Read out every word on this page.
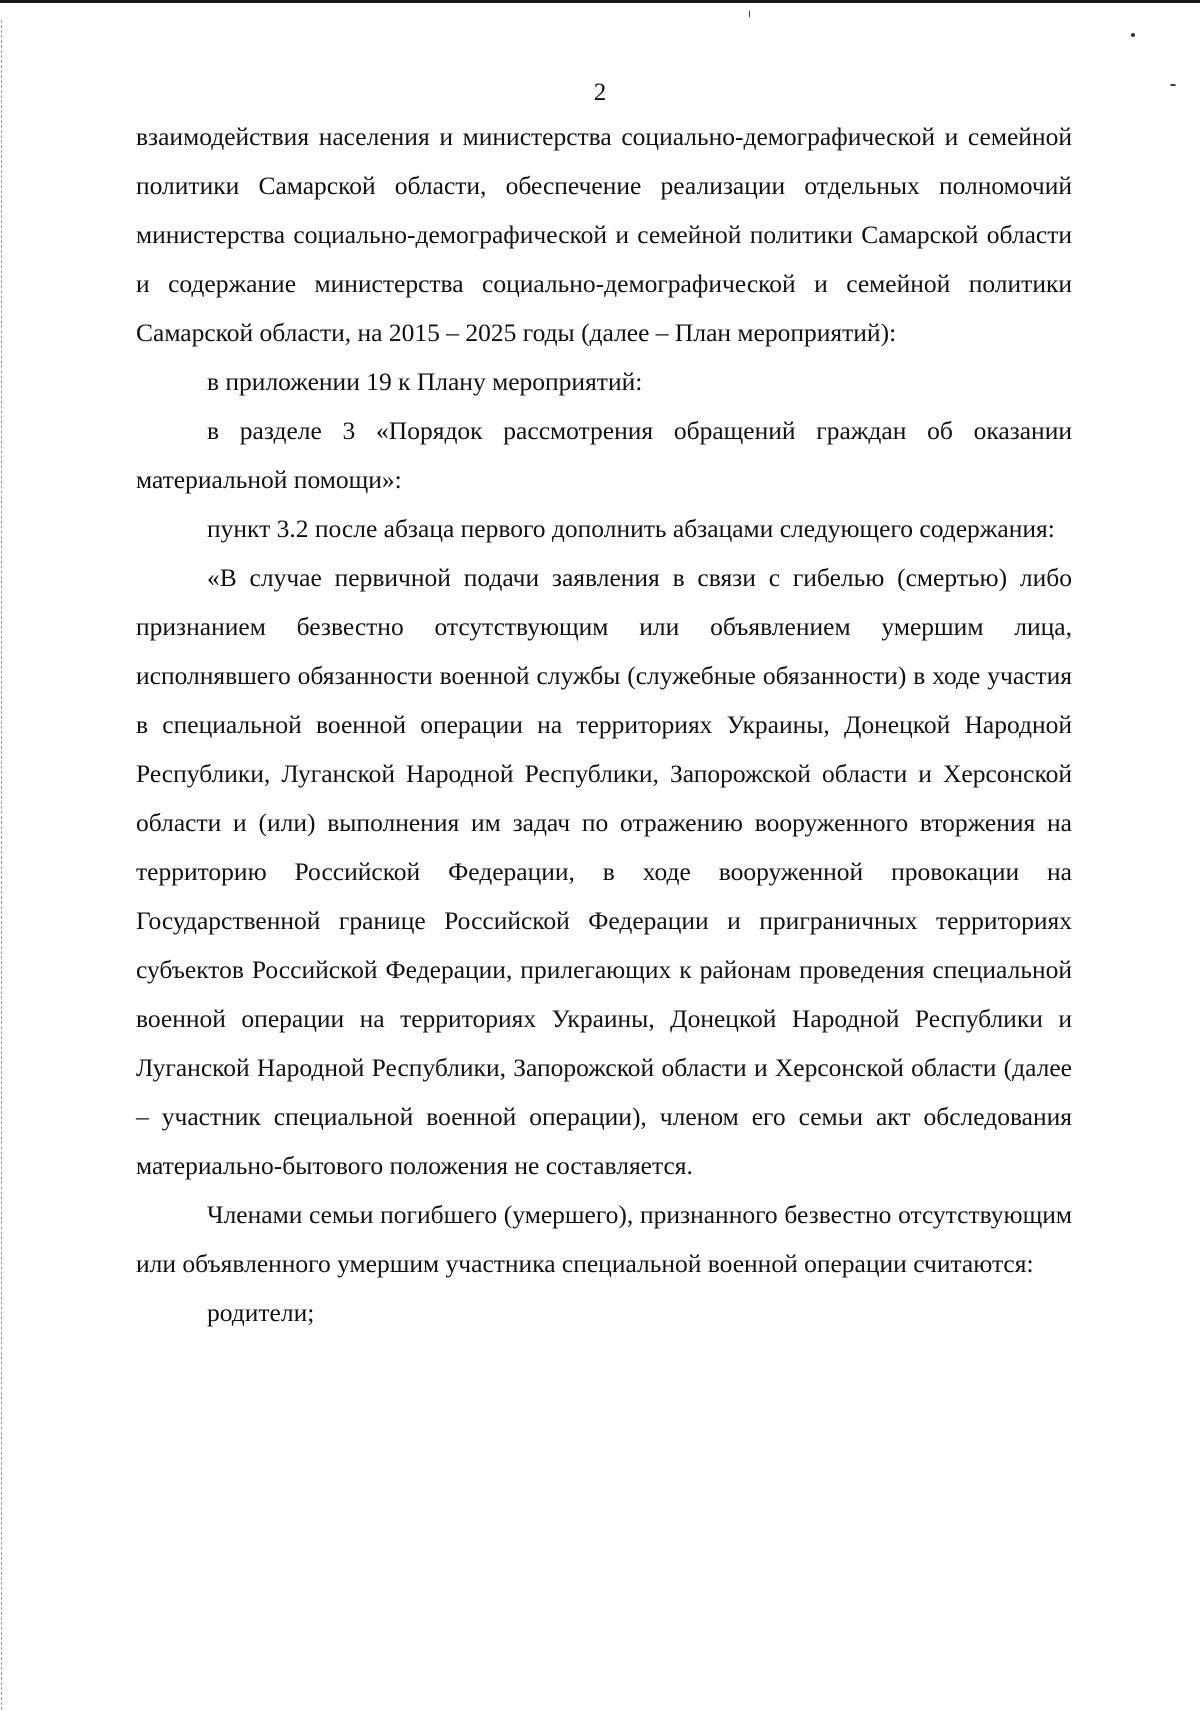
2

взаимодействия населения и министерства социально-демографической и семейной политики Самарской области, обеспечение реализации отдельных полномочий министерства социально-демографической и семейной политики Самарской области и содержание министерства социально-демографической и семейной политики Самарской области, на 2015 – 2025 годы (далее – План мероприятий):

в приложении 19 к Плану мероприятий:

в разделе 3 «Порядок рассмотрения обращений граждан об оказании материальной помощи»:

пункт 3.2 после абзаца первого дополнить абзацами следующего содержания:

«В случае первичной подачи заявления в связи с гибелью (смертью) либо признанием безвестно отсутствующим или объявлением умершим лица, исполнявшего обязанности военной службы (служебные обязанности) в ходе участия в специальной военной операции на территориях Украины, Донецкой Народной Республики, Луганской Народной Республики, Запорожской области и Херсонской области и (или) выполнения им задач по отражению вооруженного вторжения на территорию Российской Федерации, в ходе вооруженной провокации на Государственной границе Российской Федерации и приграничных территориях субъектов Российской Федерации, прилегающих к районам проведения специальной военной операции на территориях Украины, Донецкой Народной Республики и Луганской Народной Республики, Запорожской области и Херсонской области (далее – участник специальной военной операции), членом его семьи акт обследования материально-бытового положения не составляется.

Членами семьи погибшего (умершего), признанного безвестно отсутствующим или объявленного умершим участника специальной военной операции считаются:

родители;
